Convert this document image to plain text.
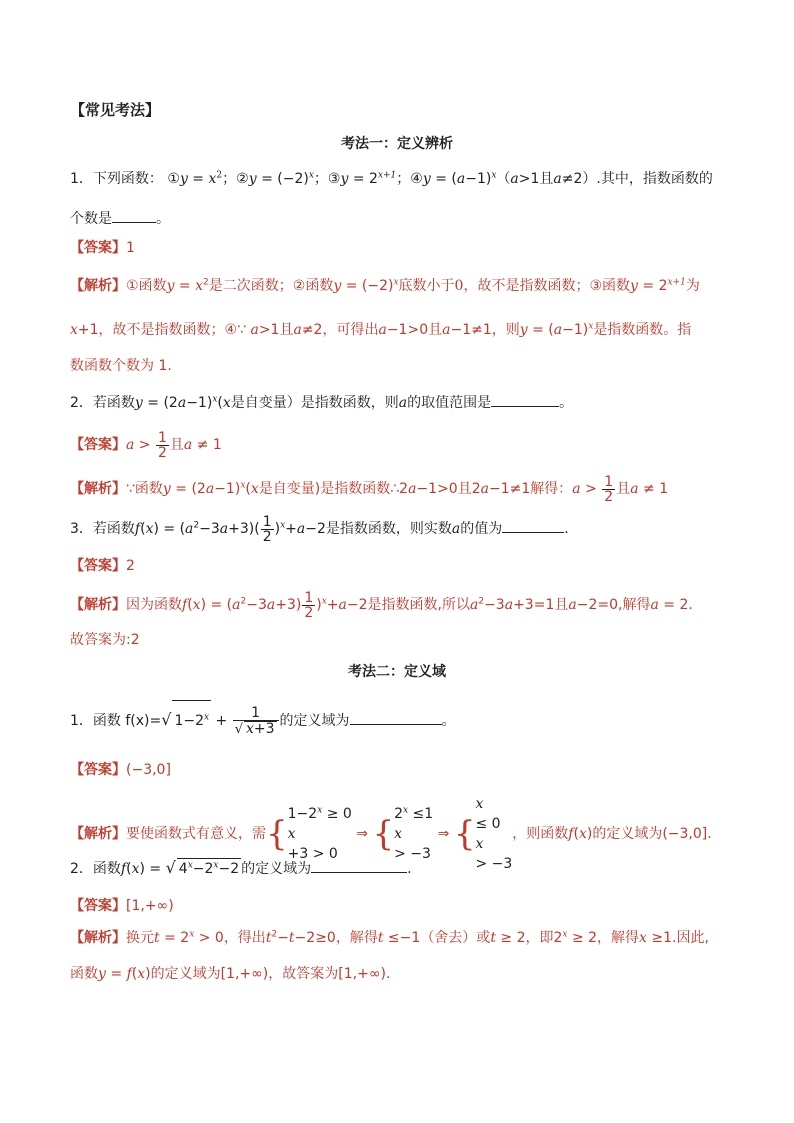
【常见考法】
考法一：定义辨析
1．下列函数： ①y = $x^2$；②y = $(-2)^x$；③y = $2^{x+1}$；④y = $(a-1)^x(a>1$且a≠2）.其中，指数函数的
个数是	。
【答案】1
【解析】①函数$y = x^2$是二次函数；②函数$y = (-2)^x$底数小于0，故不是指数函数；③函数$y = 2^{x+1}$为
x+1，故不是指数函数；④∵ a>1且a≠2，可得出a−1>0且a−1≠1，则$y = (a-1)^x$是指数函数。指
数函数个数为 1.
2．若函数$y = (2a-1)^x(x$是自变量）是指数函数，则a的取值范围是	。
【答案】$a > \frac{1}{2}$ 且a ≠ 1
【解析】∵函数$y = (2a-1)^x(x$是自变量)是指数函数∴2a−1>0且2a−1≠1解得：$a > \frac{1}{2}$ 且a ≠ 1
3．若函数$f(x) = (a^2-3a+3)( \frac{1}{2} )^x+a-2$是指数函数，则实数a的值为	.
【答案】2
【解析】因为函数$f(x) = (a^2-3a+3) \frac{1}{2} )^x+a-2$是指数函数,所以$a^2-3a+3=1$且a−2=0,解得a = 2.
故答案为:2
考法二：定义域
1．函数 f(x)=√ $1-2^x + \frac{1}{√ x+3}$ 的定义域为	。
【答案】(−3,0]
【解析】要使函数式有意义，需{ $1-2^x \ge 0$
x
+3 > 0
⇒ { $2^x \le 1$
x
> −3
⇒ {
x
≤ 0
x
> −3
，则函数f(x)的定义域为(−3,0].
2．函数f(x) = √ $4^x-2^x-2$ 的定义域为	.
【答案】[1,+∞)
【解析】换元$t = 2^x > 0$，得出$t^2-t-2\ge 0$，解得t ≤−1（舍去）或t ≥ 2，即$2^x \ge 2$，解得x ≥1.因此,
函数y = f(x)的定义域为[1,+∞)，故答案为[1,+∞).
